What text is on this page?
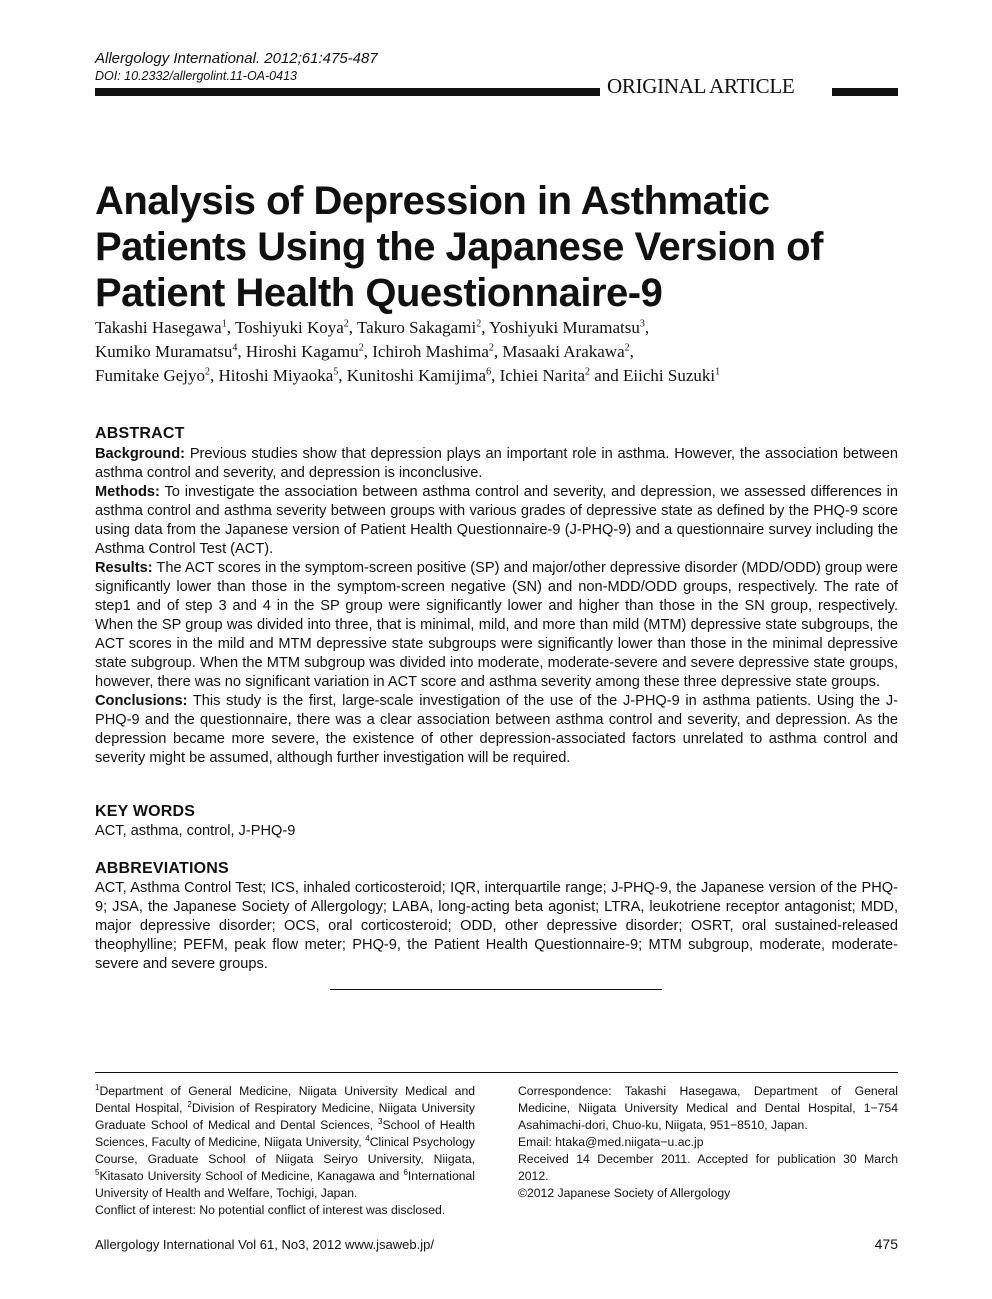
Allergology International. 2012;61:475-487
DOI: 10.2332/allergolint.11-OA-0413	ORIGINAL ARTICLE
Analysis of Depression in Asthmatic Patients Using the Japanese Version of Patient Health Questionnaire-9
Takashi Hasegawa$^1$, Toshiyuki Koya$^2$, Takuro Sakagami$^2$, Yoshiyuki Muramatsu$^3$,
Kumiko Muramatsu$^4$, Hiroshi Kagamu$^2$, Ichiroh Mashima$^2$, Masaaki Arakawa$^2$,
Fumitake Gejyo$^2$, Hitoshi Miyaoka$^5$, Kunitoshi Kamijima$^6$, Ichiei Narita$^2$ and Eiichi Suzuki$^1$
ABSTRACT

Background: Previous studies show that depression plays an important role in asthma. However, the association between asthma control and severity, and depression is inconclusive.

Methods: To investigate the association between asthma control and severity, and depression, we assessed differences in asthma control and asthma severity between groups with various grades of depressive state as defined by the PHQ-9 score using data from the Japanese version of Patient Health Questionnaire-9 (J-PHQ-9) and a questionnaire survey including the Asthma Control Test (ACT).

Results: The ACT scores in the symptom-screen positive (SP) and major/other depressive disorder (MDD/ODD) group were significantly lower than those in the symptom-screen negative (SN) and non-MDD/ODD groups, respectively. The rate of step1 and of step 3 and 4 in the SP group were significantly lower and higher than those in the SN group, respectively. When the SP group was divided into three, that is minimal, mild, and more than mild (MTM) depressive state subgroups, the ACT scores in the mild and MTM depressive state subgroups were significantly lower than those in the minimal depressive state subgroup. When the MTM subgroup was divided into moderate, moderate-severe and severe depressive state groups, however, there was no significant variation in ACT score and asthma severity among these three depressive state groups.

Conclusions: This study is the first, large-scale investigation of the use of the J-PHQ-9 in asthma patients. Using the J-PHQ-9 and the questionnaire, there was a clear association between asthma control and severity, and depression. As the depression became more severe, the existence of other depression-associated factors unrelated to asthma control and severity might be assumed, although further investigation will be required.

KEY WORDS
ACT, asthma, control, J-PHQ-9
ABBREVIATIONS
ACT, Asthma Control Test; ICS, inhaled corticosteroid; IQR, interquartile range; J-PHQ-9, the Japanese version of the PHQ-9; JSA, the Japanese Society of Allergology; LABA, long-acting beta agonist; LTRA, leukotriene receptor antagonist; MDD, major depressive disorder; OCS, oral corticosteroid; ODD, other depressive disorder; OSRT, oral sustained-released theophylline; PEFM, peak flow meter; PHQ-9, the Patient Health Questionnaire-9; MTM subgroup, moderate, moderate-severe and severe groups.

$^1$Department of General Medicine, Niigata University Medical and Dental Hospital, $^2$Division of Respiratory Medicine, Niigata University Graduate School of Medical and Dental Sciences, $^3$School of Health Sciences, Faculty of Medicine, Niigata University, $^4$Clinical Psychology Course, Graduate School of Niigata Seiryo University, Niigata, $^5$Kitasato University School of Medicine, Kanagawa and $^6$International University of Health and Welfare, Tochigi, Japan.

Conflict of interest: No potential conflict of interest was disclosed.

Correspondence: Takashi Hasegawa, Department of General Medicine, Niigata University Medical and Dental Hospital, 1−754 Asahimachi-dori, Chuo-ku, Niigata, 951−8510, Japan.

Email: htaka@med.niigata−u.ac.jp

Received 14 December 2011. Accepted for publication 30 March 2012.

©2012 Japanese Society of Allergology

Allergology International Vol 61, No3, 2012 www.jsaweb.jp/	475
